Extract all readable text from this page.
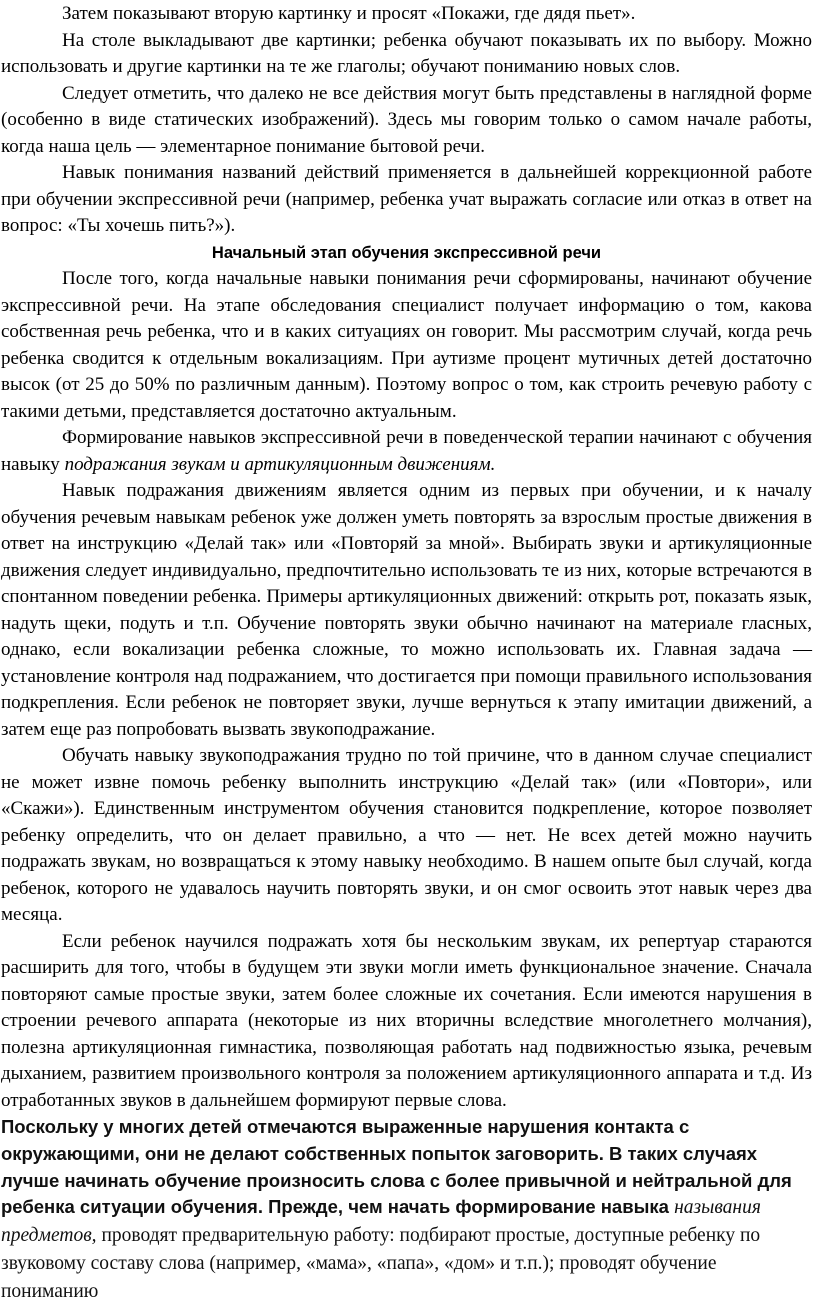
Затем показывают вторую картинку и просят «Покажи, где дядя пьет».

На столе выкладывают две картинки; ребенка обучают показывать их по выбору. Можно использовать и другие картинки на те же глаголы; обучают пониманию новых слов.

Следует отметить, что далеко не все действия могут быть представлены в наглядной форме (особенно в виде статических изображений). Здесь мы говорим только о самом начале работы, когда наша цель — элементарное понимание бытовой речи.

Навык понимания названий действий применяется в дальнейшей коррекционной работе при обучении экспрессивной речи (например, ребенка учат выражать согласие или отказ в ответ на вопрос: «Ты хочешь пить?»).

Начальный этап обучения экспрессивной речи

После того, когда начальные навыки понимания речи сформированы, начинают обучение экспрессивной речи. На этапе обследования специалист получает информацию о том, какова собственная речь ребенка, что и в каких ситуациях он говорит. Мы рассмотрим случай, когда речь ребенка сводится к отдельным вокализациям. При аутизме процент мутичных детей достаточно высок (от 25 до 50% по различным данным). Поэтому вопрос о том, как строить речевую работу с такими детьми, представляется достаточно актуальным.

Формирование навыков экспрессивной речи в поведенческой терапии начинают с обучения навыку подражания звукам и артикуляционным движениям.

Навык подражания движениям является одним из первых при обучении, и к началу обучения речевым навыкам ребенок уже должен уметь повторять за взрослым простые движения в ответ на инструкцию «Делай так» или «Повторяй за мной». Выбирать звуки и артикуляционные движения следует индивидуально, предпочтительно использовать те из них, которые встречаются в спонтанном поведении ребенка. Примеры артикуляционных движений: открыть рот, показать язык, надуть щеки, подуть и т.п. Обучение повторять звуки обычно начинают на материале гласных, однако, если вокализации ребенка сложные, то можно использовать их. Главная задача — установление контроля над подражанием, что достигается при помощи правильного использования подкрепления. Если ребенок не повторяет звуки, лучше вернуться к этапу имитации движений, а затем еще раз попробовать вызвать звукоподражание.

Обучать навыку звукоподражания трудно по той причине, что в данном случае специалист не может извне помочь ребенку выполнить инструкцию «Делай так» (или «Повтори», или «Скажи»). Единственным инструментом обучения становится подкрепление, которое позволяет ребенку определить, что он делает правильно, а что — нет. Не всех детей можно научить подражать звукам, но возвращаться к этому навыку необходимо. В нашем опыте был случай, когда ребенок, которого не удавалось научить повторять звуки, и он смог освоить этот навык через два месяца.

Если ребенок научился подражать хотя бы нескольким звукам, их репертуар стараются расширить для того, чтобы в будущем эти звуки могли иметь функциональное значение. Сначала повторяют самые простые звуки, затем более сложные их сочетания. Если имеются нарушения в строении речевого аппарата (некоторые из них вторичны вследствие многолетнего молчания), полезна артикуляционная гимнастика, позволяющая работать над подвижностью языка, речевым дыханием, развитием произвольного контроля за положением артикуляционного аппарата и т.д. Из отработанных звуков в дальнейшем формируют первые слова.

Поскольку у многих детей отмечаются выраженные нарушения контакта с окружающими, они не делают собственных попыток заговорить. В таких случаях лучше начинать обучение произносить слова с более привычной и нейтральной для ребенка ситуации обучения. Прежде, чем начать формирование навыка называния предметов, проводят предварительную работу: подбирают простые, доступные ребенку по звуковому составу слова (например, «мама», «папа», «дом» и т.п.); проводят обучение пониманию
